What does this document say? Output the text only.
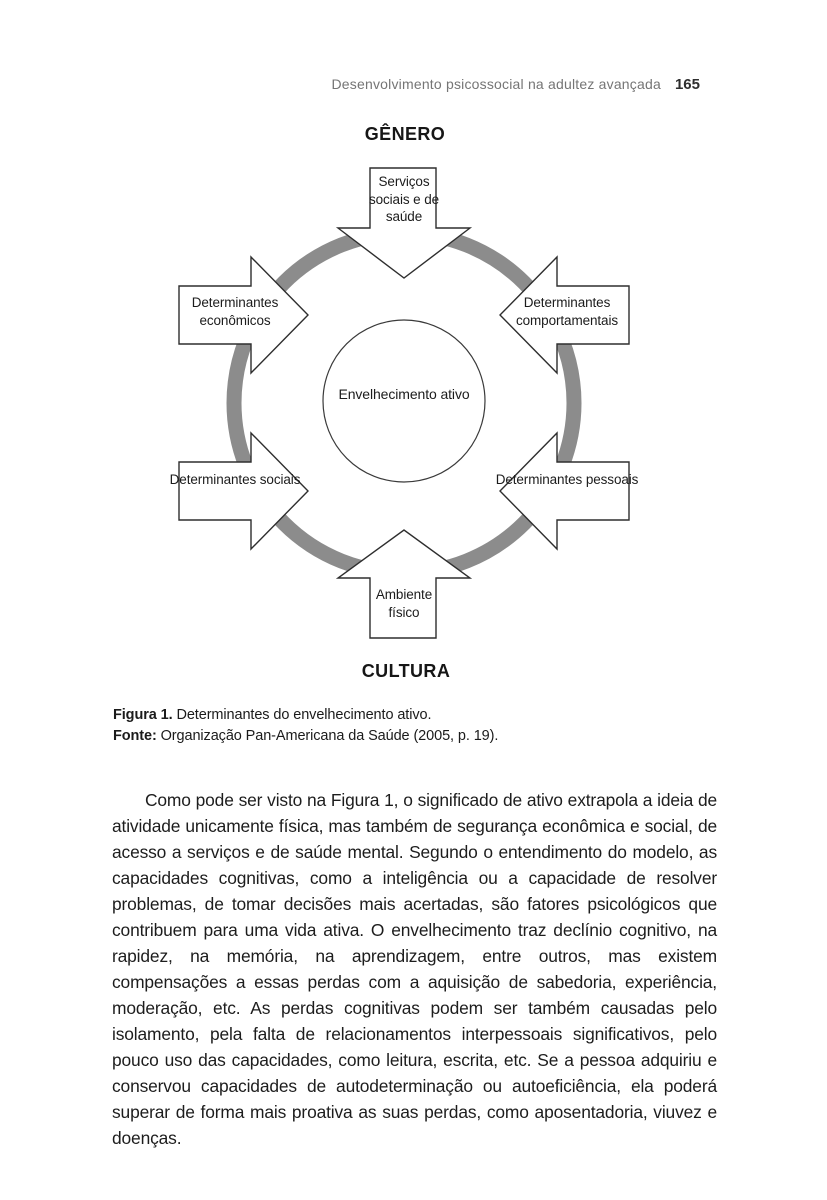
Desenvolvimento psicossocial na adultez avançada 165
GÊNERO
Serviços sociais e de saúde
Determinantes econômicos
Determinantes comportamentais
Determinantes sociais	Determinantes pessoais
Ambiente físico
Envelhecimento ativo
CULTURA
Figura 1. Determinantes do envelhecimento ativo.
Fonte: Organização Pan-Americana da Saúde (2005, p. 19).

Como pode ser visto na Figura 1, o significado de ativo extrapola a ideia de atividade unicamente física, mas também de segurança econômica e social, de acesso a serviços e de saúde mental. Segundo o entendimento do modelo, as capacidades cognitivas, como a inteligência ou a capacidade de resolver problemas, de tomar decisões mais acertadas, são fatores psicológicos que contribuem para uma vida ativa. O envelhecimento traz declínio cognitivo, na rapidez, na memória, na aprendizagem, entre outros, mas existem compensações a essas perdas com a aquisição de sabedoria, experiência, moderação, etc. As perdas cognitivas podem ser também causadas pelo isolamento, pela falta de relacionamentos interpessoais significativos, pelo pouco uso das capacidades, como leitura, escrita, etc. Se a pessoa adquiriu e conservou capacidades de autodeterminação ou autoeficiência, ela poderá superar de forma mais proativa as suas perdas, como aposentadoria, viuvez e doenças.
